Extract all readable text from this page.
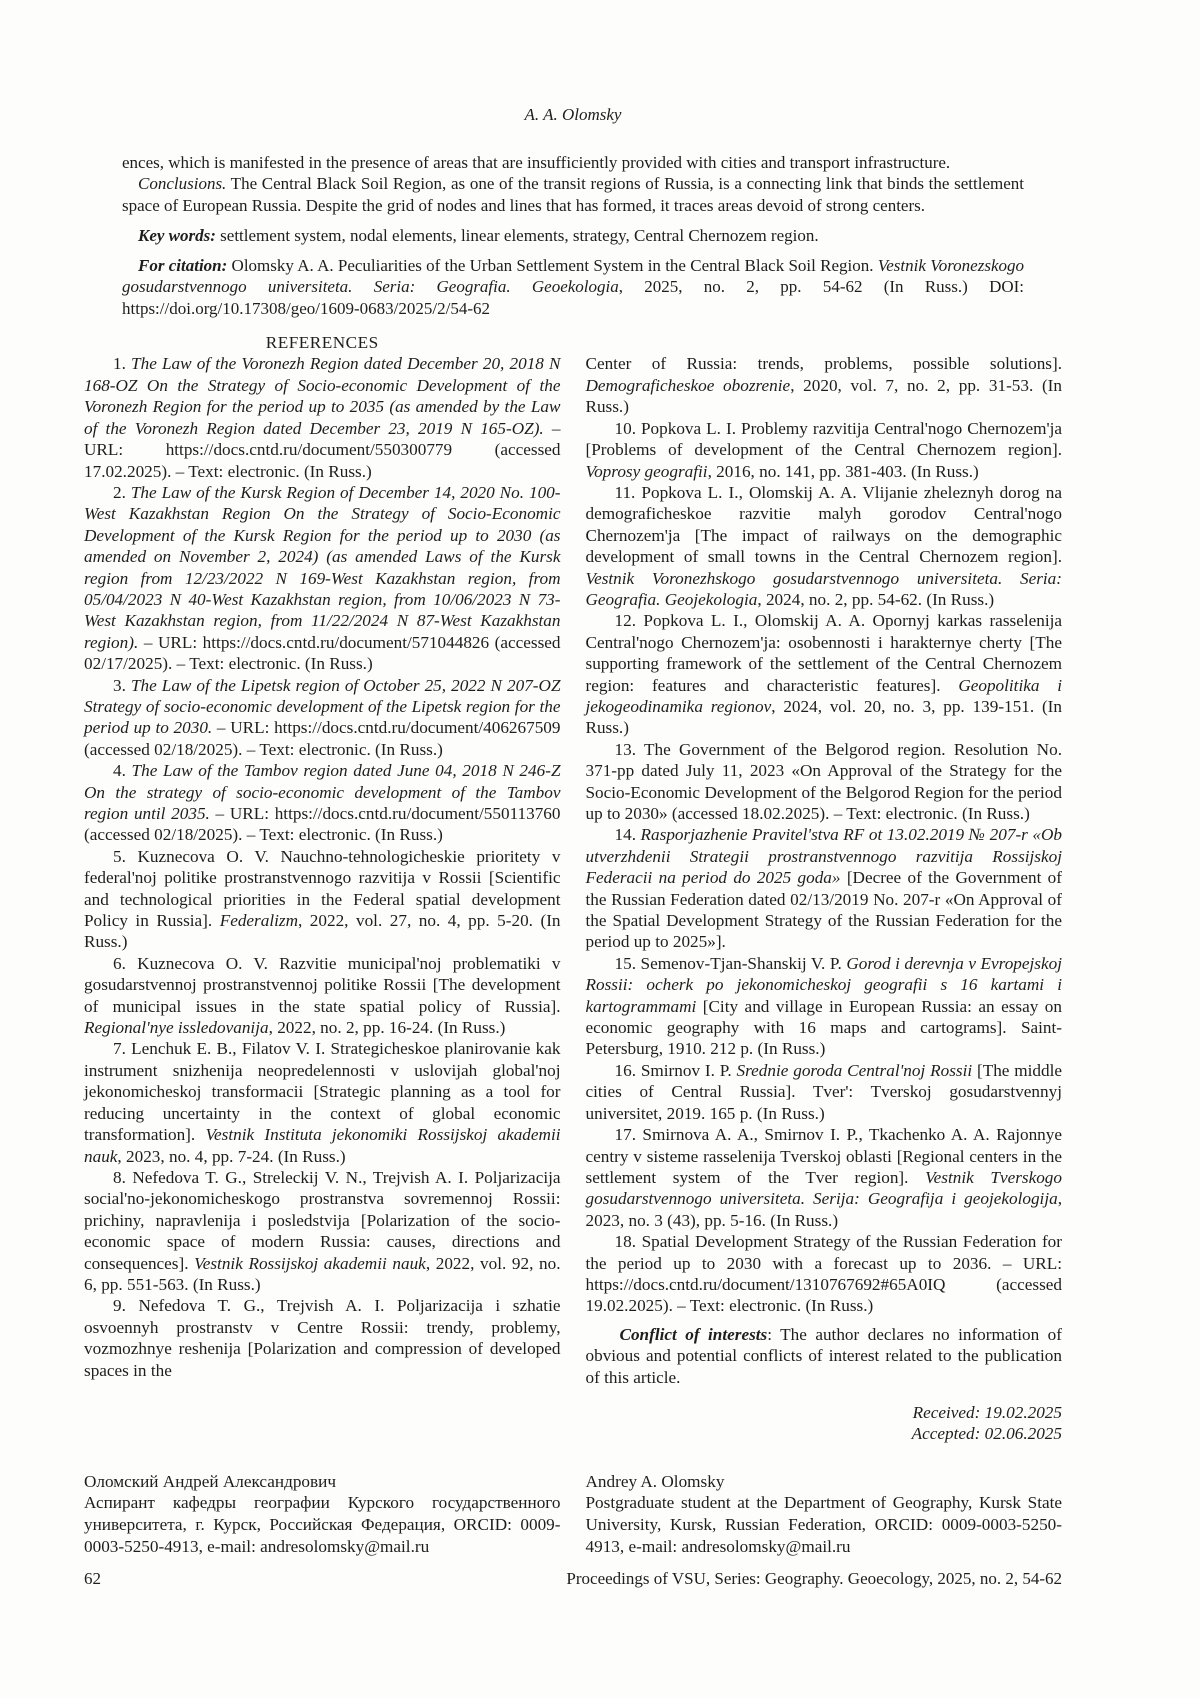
A. A. Olomsky

ences, which is manifested in the presence of areas that are insufficiently provided with cities and transport infrastructure.

Conclusions. The Central Black Soil Region, as one of the transit regions of Russia, is a connecting link that binds the settlement space of European Russia. Despite the grid of nodes and lines that has formed, it traces areas devoid of strong centers.

Key words: settlement system, nodal elements, linear elements, strategy, Central Chernozem region.

For citation: Olomsky A. A. Peculiarities of the Urban Settlement System in the Central Black Soil Region. Vestnik Voronezskogo gosudarstvennogo universiteta. Seria: Geografia. Geoekologia, 2025, no. 2, pp. 54-62 (In Russ.) DOI: https://doi.org/10.17308/geo/1609-0683/2025/2/54-62

REFERENCES

1. The Law of the Voronezh Region dated December 20, 2018 N 168-OZ On the Strategy of Socio-economic Development of the Voronezh Region for the period up to 2035 (as amended by the Law of the Voronezh Region dated December 23, 2019 N 165-OZ). – URL: https://docs.cntd.ru/document/550300779 (accessed 17.02.2025). – Text: electronic. (In Russ.)

2. The Law of the Kursk Region of December 14, 2020 No. 100-West Kazakhstan Region On the Strategy of Socio-Economic Development of the Kursk Region for the period up to 2030 (as amended on November 2, 2024) (as amended Laws of the Kursk region from 12/23/2022 N 169-West Kazakhstan region, from 05/04/2023 N 40-West Kazakhstan region, from 10/06/2023 N 73-West Kazakhstan region, from 11/22/2024 N 87-West Kazakhstan region). – URL: https://docs.cntd.ru/document/571044826 (accessed 02/17/2025). – Text: electronic. (In Russ.)

3. The Law of the Lipetsk region of October 25, 2022 N 207-OZ Strategy of socio-economic development of the Lipetsk region for the period up to 2030. – URL: https://docs.cntd.ru/document/406267509 (accessed 02/18/2025). – Text: electronic. (In Russ.)

4. The Law of the Tambov region dated June 04, 2018 N 246-Z On the strategy of socio-economic development of the Tambov region until 2035. – URL: https://docs.cntd.ru/document/550113760 (accessed 02/18/2025). – Text: electronic. (In Russ.)

5. Kuznecova O. V. Nauchno-tehnologicheskie prioritety v federal'noj politike prostranstvennogo razvitija v Rossii [Scientific and technological priorities in the Federal spatial development Policy in Russia]. Federalizm, 2022, vol. 27, no. 4, pp. 5-20. (In Russ.)

6. Kuznecova O. V. Razvitie municipal'noj problematiki v gosudarstvennoj prostranstvennoj politike Rossii [The development of municipal issues in the state spatial policy of Russia]. Regional'nye issledovanija, 2022, no. 2, pp. 16-24. (In Russ.)

7. Lenchuk E. B., Filatov V. I. Strategicheskoe planirovanie kak instrument snizhenija neopredelennosti v uslovijah global'noj jekonomicheskoj transformacii [Strategic planning as a tool for reducing uncertainty in the context of global economic transformation]. Vestnik Instituta jekonomiki Rossijskoj akademii nauk, 2023, no. 4, pp. 7-24. (In Russ.)

8. Nefedova T. G., Streleckij V. N., Trejvish A. I. Poljarizacija social'no-jekonomicheskogo prostranstva sovremennoj Rossii: prichiny, napravlenija i posledstvija [Polarization of the socio-economic space of modern Russia: causes, directions and consequences]. Vestnik Rossijskoj akademii nauk, 2022, vol. 92, no. 6, pp. 551-563. (In Russ.)

9. Nefedova T. G., Trejvish A. I. Poljarizacija i szhatie osvoennyh prostranstv v Centre Rossii: trendy, problemy, vozmozhnye reshenija [Polarization and compression of developed spaces in the

Center of Russia: trends, problems, possible solutions]. Demograficheskoe obozrenie, 2020, vol. 7, no. 2, pp. 31-53. (In Russ.)

10. Popkova L. I. Problemy razvitija Central'nogo Chernozem'ja [Problems of development of the Central Chernozem region]. Voprosy geografii, 2016, no. 141, pp. 381-403. (In Russ.)

11. Popkova L. I., Olomskij A. A. Vlijanie zheleznyh dorog na demograficheskoe razvitie malyh gorodov Central'nogo Chernozem'ja [The impact of railways on the demographic development of small towns in the Central Chernozem region]. Vestnik Voronezhskogo gosudarstvennogo universiteta. Seria: Geografia. Geojekologia, 2024, no. 2, pp. 54-62. (In Russ.)

12. Popkova L. I., Olomskij A. A. Opornyj karkas rasselenija Central'nogo Chernozem'ja: osobennosti i harakternye cherty [The supporting framework of the settlement of the Central Chernozem region: features and characteristic features]. Geopolitika i jekogeodinamika regionov, 2024, vol. 20, no. 3, pp. 139-151. (In Russ.)

13. The Government of the Belgorod region. Resolution No. 371-pp dated July 11, 2023 «On Approval of the Strategy for the Socio-Economic Development of the Belgorod Region for the period up to 2030» (accessed 18.02.2025). – Text: electronic. (In Russ.)

14. Rasporjazhenie Pravitel'stva RF ot 13.02.2019 № 207-r «Ob utverzhdenii Strategii prostranstvennogo razvitija Rossijskoj Federacii na period do 2025 goda» [Decree of the Government of the Russian Federation dated 02/13/2019 No. 207-r «On Approval of the Spatial Development Strategy of the Russian Federation for the period up to 2025»].

15. Semenov-Tjan-Shanskij V. P. Gorod i derevnja v Evropejskoj Rossii: ocherk po jekonomicheskoj geografii s 16 kartami i kartogrammami [City and village in European Russia: an essay on economic geography with 16 maps and cartograms]. Saint-Petersburg, 1910. 212 p. (In Russ.)

16. Smirnov I. P. Srednie goroda Central'noj Rossii [The middle cities of Central Russia]. Tver': Tverskoj gosudarstvennyj universitet, 2019. 165 p. (In Russ.)

17. Smirnova A. A., Smirnov I. P., Tkachenko A. A. Rajonnye centry v sisteme rasselenija Tverskoj oblasti [Regional centers in the settlement system of the Tver region]. Vestnik Tverskogo gosudarstvennogo universiteta. Serija: Geografija i geojekologija, 2023, no. 3 (43), pp. 5-16. (In Russ.)

18. Spatial Development Strategy of the Russian Federation for the period up to 2030 with a forecast up to 2036. – URL: https://docs.cntd.ru/document/1310767692#65A0IQ (accessed 19.02.2025). – Text: electronic. (In Russ.)

Conflict of interests: The author declares no information of obvious and potential conflicts of interest related to the publication of this article.

Received: 19.02.2025
Accepted: 02.06.2025
Оломский Андрей Александрович

Аспирант кафедры географии Курского государственного университета, г. Курск, Российская Федерация, ORCID: 0009-0003-5250-4913, e-mail: andresolomsky@mail.ru

Andrey A. Olomsky

Postgraduate student at the Department of Geography, Kursk State University, Kursk, Russian Federation, ORCID: 0009-0003-5250-4913, e-mail: andresolomsky@mail.ru

62	Proceedings of VSU, Series: Geography. Geoecology, 2025, no. 2, 54-62
